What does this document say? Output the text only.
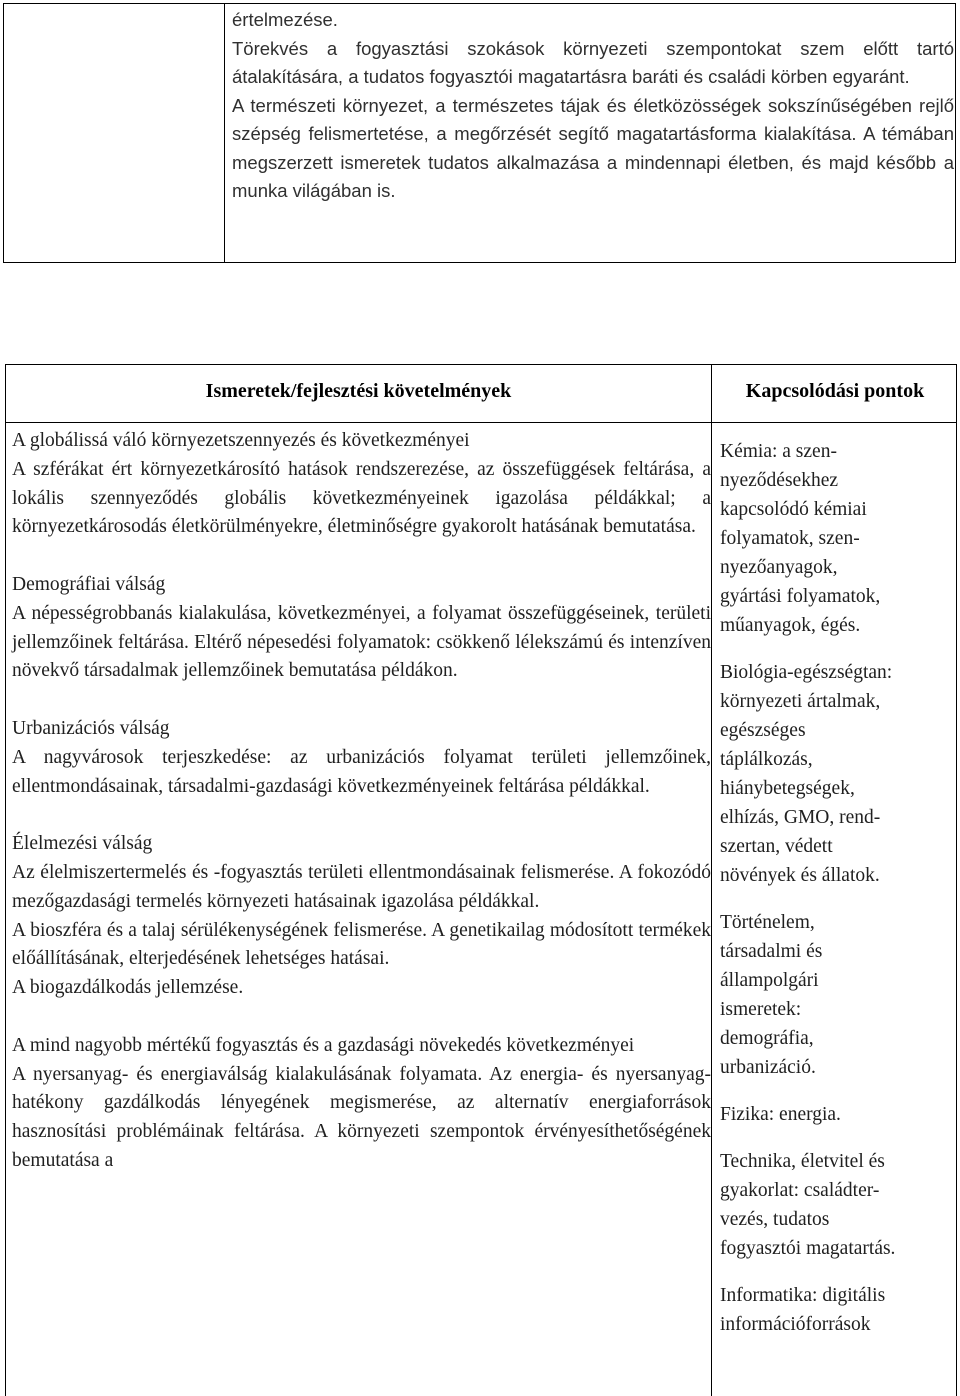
értelmezése.

Törekvés a fogyasztási szokások környezeti szempontokat szem előtt tartó átalakítására, a tudatos fogyasztói magatartásra baráti és családi körben egyaránt.

A természeti környezet, a természetes tájak és életközösségek sokszínűségében rejlő szépség felismertetése, a megőrzését segítő magatartásforma kialakítása. A témában megszerzett ismeretek tudatos alkalmazása a mindennapi életben, és majd később a munka világában is.

Ismeretek/fejlesztési követelmények	Kapcsolódási pontok

A globálissá váló környezetszennyezés és következményei

A szférákat ért környezetkárosító hatások rendszerezése, az összefüggések feltárása, a lokális szennyeződés globális következményeinek igazolása példákkal; a környezetkárosodás életkörülményekre, életminőségre gyakorolt hatásának bemutatása.

Demográfiai válság

A népességrobbanás kialakulása, következményei, a folyamat összefüggéseinek, területi jellemzőinek feltárása. Eltérő népesedési folyamatok: csökkenő lélekszámú és intenzíven növekvő társadalmak jellemzőinek bemutatása példákon.

Urbanizációs válság

A nagyvárosok terjeszkedése: az urbanizációs folyamat területi jellemzőinek, ellentmondásainak, társadalmi-gazdasági következményeinek feltárása példákkal.

Élelmezési válság

Az élelmiszertermelés és -fogyasztás területi ellentmondásainak felismerése. A fokozódó mezőgazdasági termelés környezeti hatásainak igazolása példákkal.

A bioszféra és a talaj sérülékenységének felismerése. A genetikailag módosított termékek előállításának, elterjedésének lehetséges hatásai.

A biogazdálkodás jellemzése.

A mind nagyobb mértékű fogyasztás és a gazdasági növekedés következményei

A nyersanyag- és energiaválság kialakulásának folyamata. Az energia- és nyersanyag-hatékony gazdálkodás lényegének megismerése, az alternatív energiaforrások hasznosítási problémáinak feltárása. A környezeti szempontok érvényesíthetőségének bemutatása a

Kémia: a szen-

nyeződésekhez

kapcsolódó kémiai

folyamatok, szen-

nyezőanyagok,

gyártási folyamatok,

műanyagok, égés.

Biológia-egészségtan:

környezeti ártalmak,

egészséges

táplálkozás,

hiánybetegségek,

elhízás, GMO, rend-

szertan, védett

növények és állatok.

Történelem,

társadalmi és

állampolgári

ismeretek:

demográfia,

urbanizáció.

Fizika: energia.

Technika, életvitel és

gyakorlat: családter-

vezés, tudatos

fogyasztói magatartás.

Informatika: digitális

információforrások
